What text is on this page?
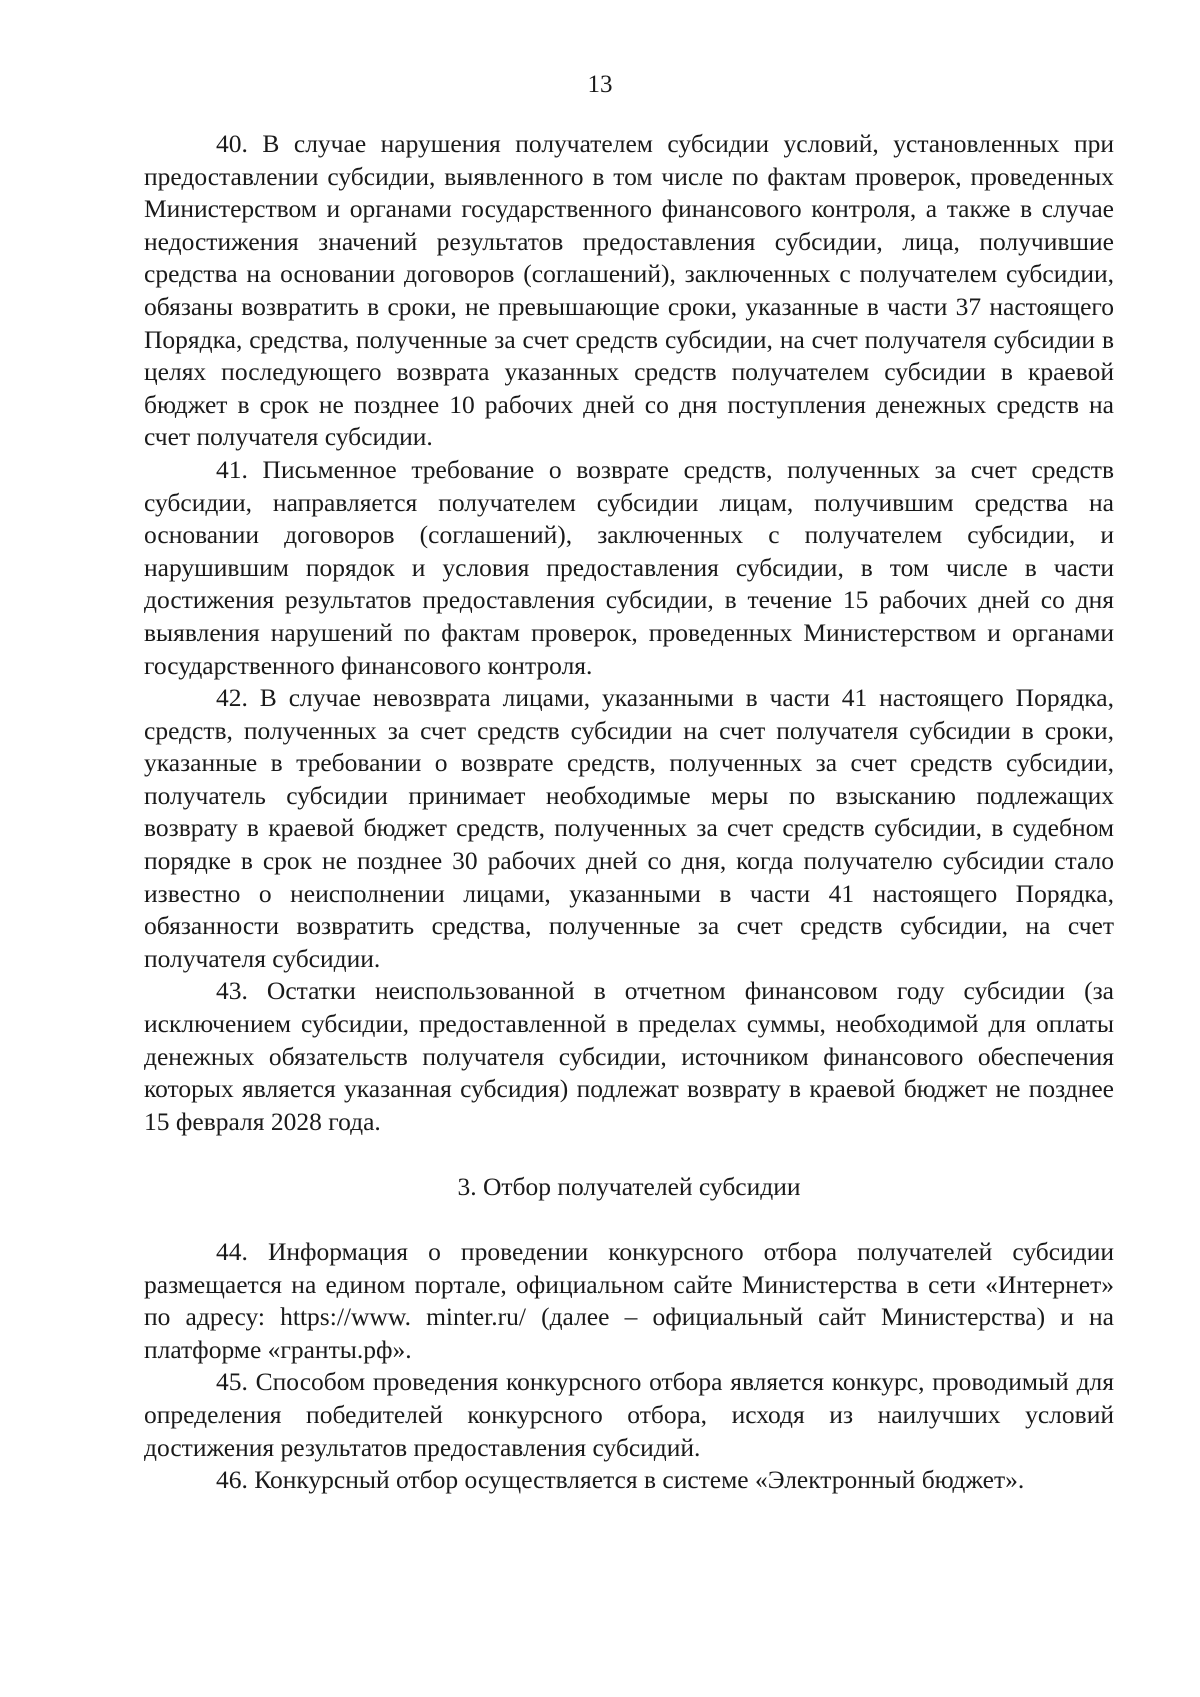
13

40. В случае нарушения получателем субсидии условий, установленных при предоставлении субсидии, выявленного в том числе по фактам проверок, проведенных Министерством и органами государственного финансового контроля, а также в случае недостижения значений результатов предоставления субсидии, лица, получившие средства на основании договоров (соглашений), заключенных с получателем субсидии, обязаны возвратить в сроки, не превышающие сроки, указанные в части 37 настоящего Порядка, средства, полученные за счет средств субсидии, на счет получателя субсидии в целях последующего возврата указанных средств получателем субсидии в краевой бюджет в срок не позднее 10 рабочих дней со дня поступления денежных средств на счет получателя субсидии.

41. Письменное требование о возврате средств, полученных за счет средств субсидии, направляется получателем субсидии лицам, получившим средства на основании договоров (соглашений), заключенных с получателем субсидии, и нарушившим порядок и условия предоставления субсидии, в том числе в части достижения результатов предоставления субсидии, в течение 15 рабочих дней со дня выявления нарушений по фактам проверок, проведенных Министерством и органами государственного финансового контроля.

42. В случае невозврата лицами, указанными в части 41 настоящего Порядка, средств, полученных за счет средств субсидии на счет получателя субсидии в сроки, указанные в требовании о возврате средств, полученных за счет средств субсидии, получатель субсидии принимает необходимые меры по взысканию подлежащих возврату в краевой бюджет средств, полученных за счет средств субсидии, в судебном порядке в срок не позднее 30 рабочих дней со дня, когда получателю субсидии стало известно о неисполнении лицами, указанными в части 41 настоящего Порядка, обязанности возвратить средства, полученные за счет средств субсидии, на счет получателя субсидии.

43. Остатки неиспользованной в отчетном финансовом году субсидии (за исключением субсидии, предоставленной в пределах суммы, необходимой для оплаты денежных обязательств получателя субсидии, источником финансового обеспечения которых является указанная субсидия) подлежат возврату в краевой бюджет не позднее 15 февраля 2028 года.

3. Отбор получателей субсидии

44. Информация о проведении конкурсного отбора получателей субсидии размещается на едином портале, официальном сайте Министерства в сети «Интернет» по адресу: https://www. minter.ru/ (далее – официальный сайт Министерства) и на платформе «гранты.рф».

45. Способом проведения конкурсного отбора является конкурс, проводимый для определения победителей конкурсного отбора, исходя из наилучших условий достижения результатов предоставления субсидий.

46. Конкурсный отбор осуществляется в системе «Электронный бюджет».
